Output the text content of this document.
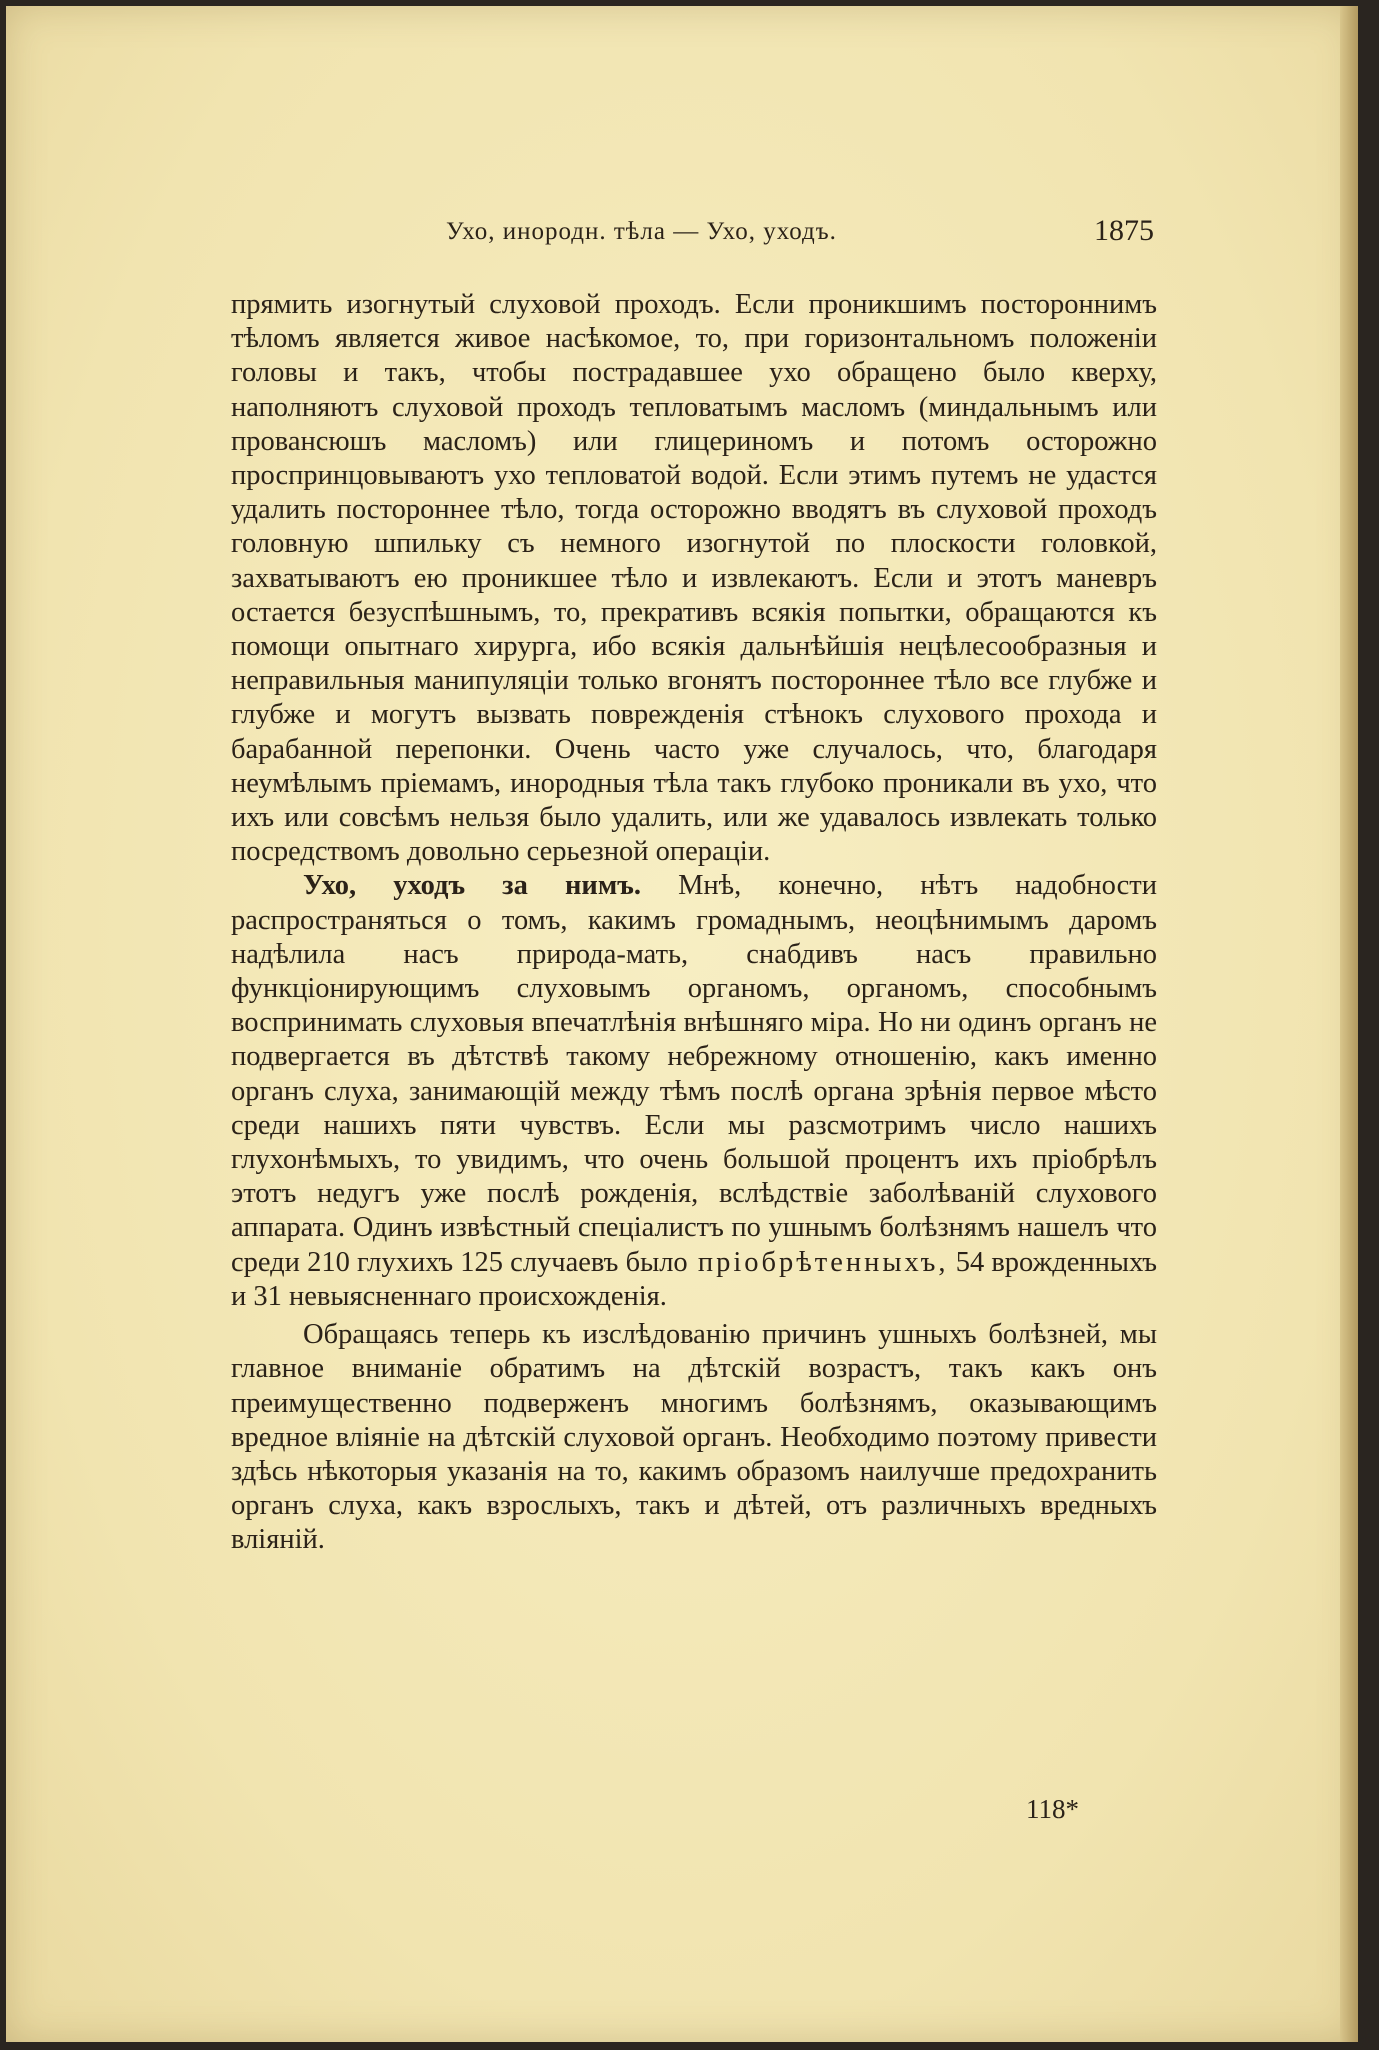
Ухо, инородн. тѣла — Ухо, уходъ.	1875

прямить изогнутый слуховой проходъ. Если проникшимъ постороннимъ тѣломъ является живое насѣкомое, то, при горизонтальномъ положеніи головы и такъ, чтобы пострадавшее ухо обращено было кверху, наполняютъ слуховой проходъ тепловатымъ масломъ (миндальнымъ или провансюшъ масломъ) или глицериномъ и потомъ осторожно проспринцовываютъ ухо тепловатой водой. Если этимъ путемъ не удастся удалить постороннее тѣло, тогда осторожно вводятъ въ слуховой проходъ головную шпильку съ немного изогнутой по плоскости головкой, захватываютъ ею проникшее тѣло и извлекаютъ. Если и этотъ маневръ остается безуспѣшнымъ, то, прекративъ всякія попытки, обращаются къ помощи опытнаго хирурга, ибо всякія дальнѣйшія нецѣлесообразныя и неправильныя манипуляціи только вгонятъ постороннее тѣло все глубже и глубже и могутъ вызвать поврежденія стѣнокъ слухового прохода и барабанной перепонки. Очень часто уже случалось, что, благодаря неумѣлымъ пріемамъ, инородныя тѣла такъ глубоко проникали въ ухо, что ихъ или совсѣмъ нельзя было удалить, или же удавалось извлекать только посредствомъ довольно серьезной операціи.

Ухо, уходъ за нимъ. Мнѣ, конечно, нѣтъ надобности распространяться о томъ, какимъ громаднымъ, неоцѣнимымъ даромъ надѣлила насъ природа-мать, снабдивъ насъ правильно функціонирующимъ слуховымъ органомъ, органомъ, способнымъ воспринимать слуховыя впечатлѣнія внѣшняго міра. Но ни одинъ органъ не подвергается въ дѣтствѣ такому небрежному отношенію, какъ именно органъ слуха, занимающій между тѣмъ послѣ органа зрѣнія первое мѣсто среди нашихъ пяти чувствъ. Если мы разсмотримъ число нашихъ глухонѣмыхъ, то увидимъ, что очень большой процентъ ихъ пріобрѣлъ этотъ недугъ уже послѣ рожденія, вслѣдствіе заболѣваній слухового аппарата. Одинъ извѣстный спеціалистъ по ушнымъ болѣзнямъ нашелъ что среди 210 глухихъ 125 случаевъ было пріобрѣтенныхъ, 54 врожденныхъ и 31 невыясненнаго происхожденія.

Обращаясь теперь къ изслѣдованію причинъ ушныхъ болѣзней, мы главное вниманіе обратимъ на дѣтскій возрастъ, такъ какъ онъ преимущественно подверженъ многимъ болѣзнямъ, оказывающимъ вредное вліяніе на дѣтскій слуховой органъ. Необходимо поэтому привести здѣсь нѣкоторыя указанія на то, какимъ образомъ наилучше предохранить органъ слуха, какъ взрослыхъ, такъ и дѣтей, отъ различныхъ вредныхъ вліяній.

118*
